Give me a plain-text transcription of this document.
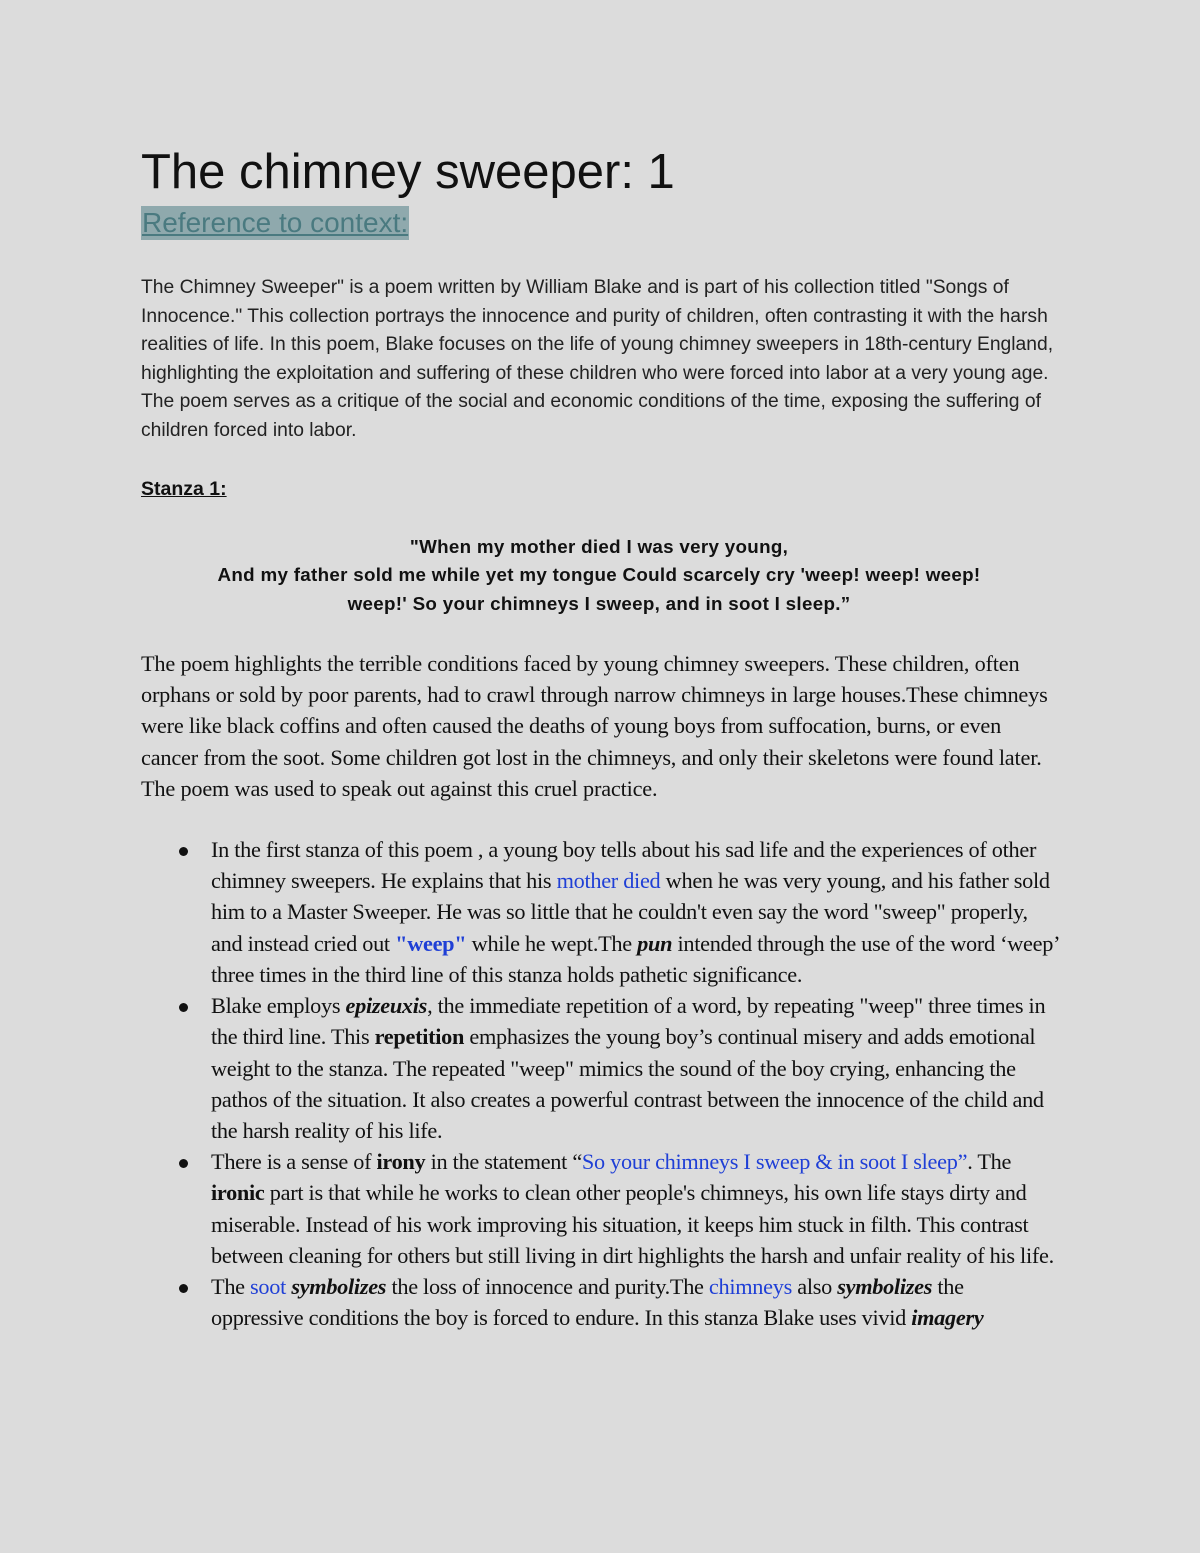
The chimney sweeper: 1
Reference to context:

The Chimney Sweeper" is a poem written by William Blake and is part of his collection titled "Songs of Innocence." This collection portrays the innocence and purity of children, often contrasting it with the harsh realities of life. In this poem, Blake focuses on the life of young chimney sweepers in 18th-century England, highlighting the exploitation and suffering of these children who were forced into labor at a very young age.

The poem serves as a critique of the social and economic conditions of the time, exposing the suffering of children forced into labor.

Stanza 1:
"When my mother died I was very young,
And my father sold me while yet my tongue Could scarcely cry 'weep! weep! weep!
weep!' So your chimneys I sweep, and in soot I sleep.”

The poem highlights the terrible conditions faced by young chimney sweepers. These children, often orphans or sold by poor parents, had to crawl through narrow chimneys in large houses.These chimneys were like black coffins and often caused the deaths of young boys from suffocation, burns, or even cancer from the soot. Some children got lost in the chimneys, and only their skeletons were found later. The poem was used to speak out against this cruel practice.

In the first stanza of this poem , a young boy tells about his sad life and the experiences of other chimney sweepers. He explains that his mother died when he was very young, and his father sold him to a Master Sweeper. He was so little that he couldn't even say the word "sweep" properly, and instead cried out "weep" while he wept.The pun intended through the use of the word ‘weep’ three times in the third line of this stanza holds pathetic significance.
Blake employs epizeuxis, the immediate repetition of a word, by repeating "weep" three times in the third line. This repetition emphasizes the young boy’s continual misery and adds emotional weight to the stanza. The repeated "weep" mimics the sound of the boy crying, enhancing the pathos of the situation. It also creates a powerful contrast between the innocence of the child and the harsh reality of his life.
There is a sense of irony in the statement “So your chimneys I sweep & in soot I sleep”. The ironic part is that while he works to clean other people's chimneys, his own life stays dirty and miserable. Instead of his work improving his situation, it keeps him stuck in filth. This contrast between cleaning for others but still living in dirt highlights the harsh and unfair reality of his life.
The soot symbolizes the loss of innocence and purity.The chimneys also symbolizes the oppressive conditions the boy is forced to endure. In this stanza Blake uses vivid imagery
